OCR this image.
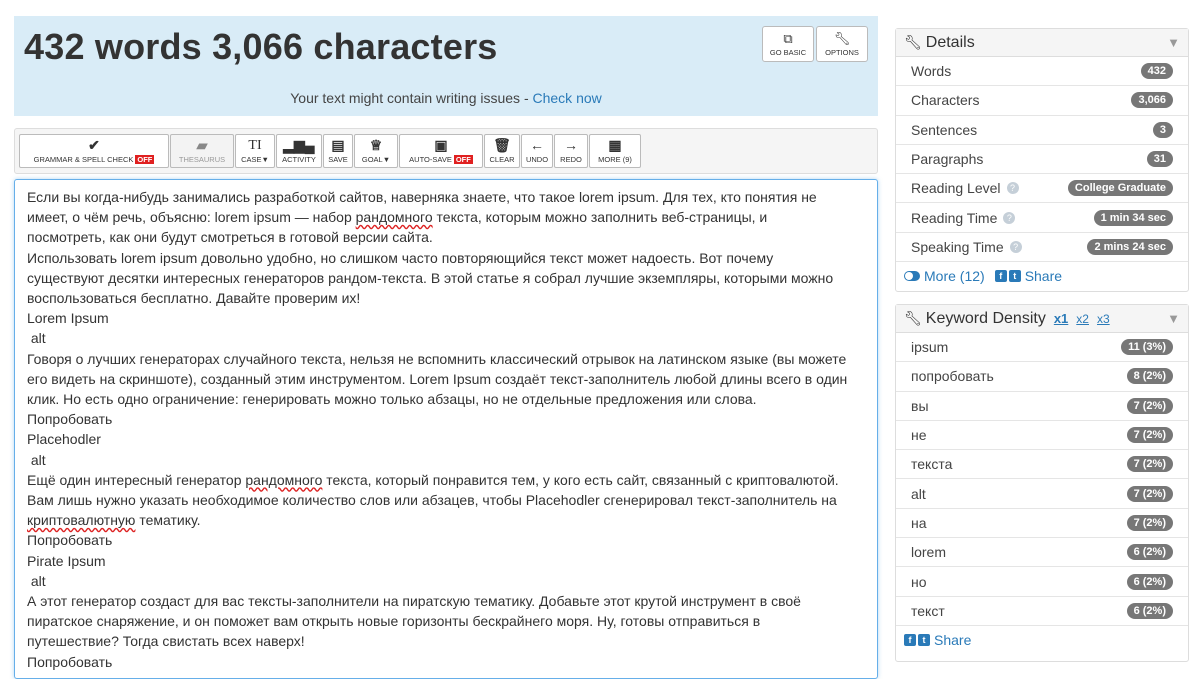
432 words 3,066 characters	⧉
GO BASIC
🔧︎
OPTIONS
Your text might contain writing issues - Check now
✔
GRAMMAR & SPELL CHECK OFF
▰
THESAURUS
TI
CASE▼
▂▆▄
ACTIVITY
▤
SAVE
♕
GOAL▼
▣
AUTO-SAVE OFF
🗑︎
CLEAR
←
UNDO
→
REDO
▦
MORE (9)
Если вы когда-нибудь занимались разработкой сайтов, наверняка знаете, что такое lorem ipsum. Для тех, кто понятия не
имеет, о чём речь, объясню: lorem ipsum — набор рандомного текста, которым можно заполнить веб-страницы, и
посмотреть, как они будут смотреться в готовой версии сайта.
Использовать lorem ipsum довольно удобно, но слишком часто повторяющийся текст может надоесть. Вот почему
существуют десятки интересных генераторов рандом-текста. В этой статье я собрал лучшие экземпляры, которыми можно
воспользоваться бесплатно. Давайте проверим их!
Lorem Ipsum
alt
Говоря о лучших генераторах случайного текста, нельзя не вспомнить классический отрывок на латинском языке (вы можете
его видеть на скриншоте), созданный этим инструментом. Lorem Ipsum создаёт текст-заполнитель любой длины всего в один
клик. Но есть одно ограничение: генерировать можно только абзацы, но не отдельные предложения или слова.
Попробовать
Placehodler
alt
Ещё один интересный генератор рандомного текста, который понравится тем, у кого есть сайт, связанный с криптовалютой.
Вам лишь нужно указать необходимое количество слов или абзацев, чтобы Placehodler сгенерировал текст-заполнитель на
криптовалютную тематику.
Попробовать
Pirate Ipsum
alt
А этот генератор создаст для вас тексты-заполнители на пиратскую тематику. Добавьте этот крутой инструмент в своё
пиратское снаряжение, и он поможет вам открыть новые горизонты бескрайнего моря. Ну, готовы отправиться в
путешествие? Тогда свистать всех наверх!
Попробовать
🔧︎ Details	▼
Words	432
Characters	3,066
Sentences	3
Paragraphs	31
Reading Level	?	College Graduate
Reading Time	?	1 min 34 sec
Speaking Time	?	2 mins 24 sec
More (12)	f	t Share
🔧︎ Keyword Density x1 x2 x3	▼
ipsum	11 (3%)
попробовать	8 (2%)
вы	7 (2%)
не	7 (2%)
текста	7 (2%)
alt	7 (2%)
на	7 (2%)
lorem	6 (2%)
но	6 (2%)
текст	6 (2%)
f	t Share
